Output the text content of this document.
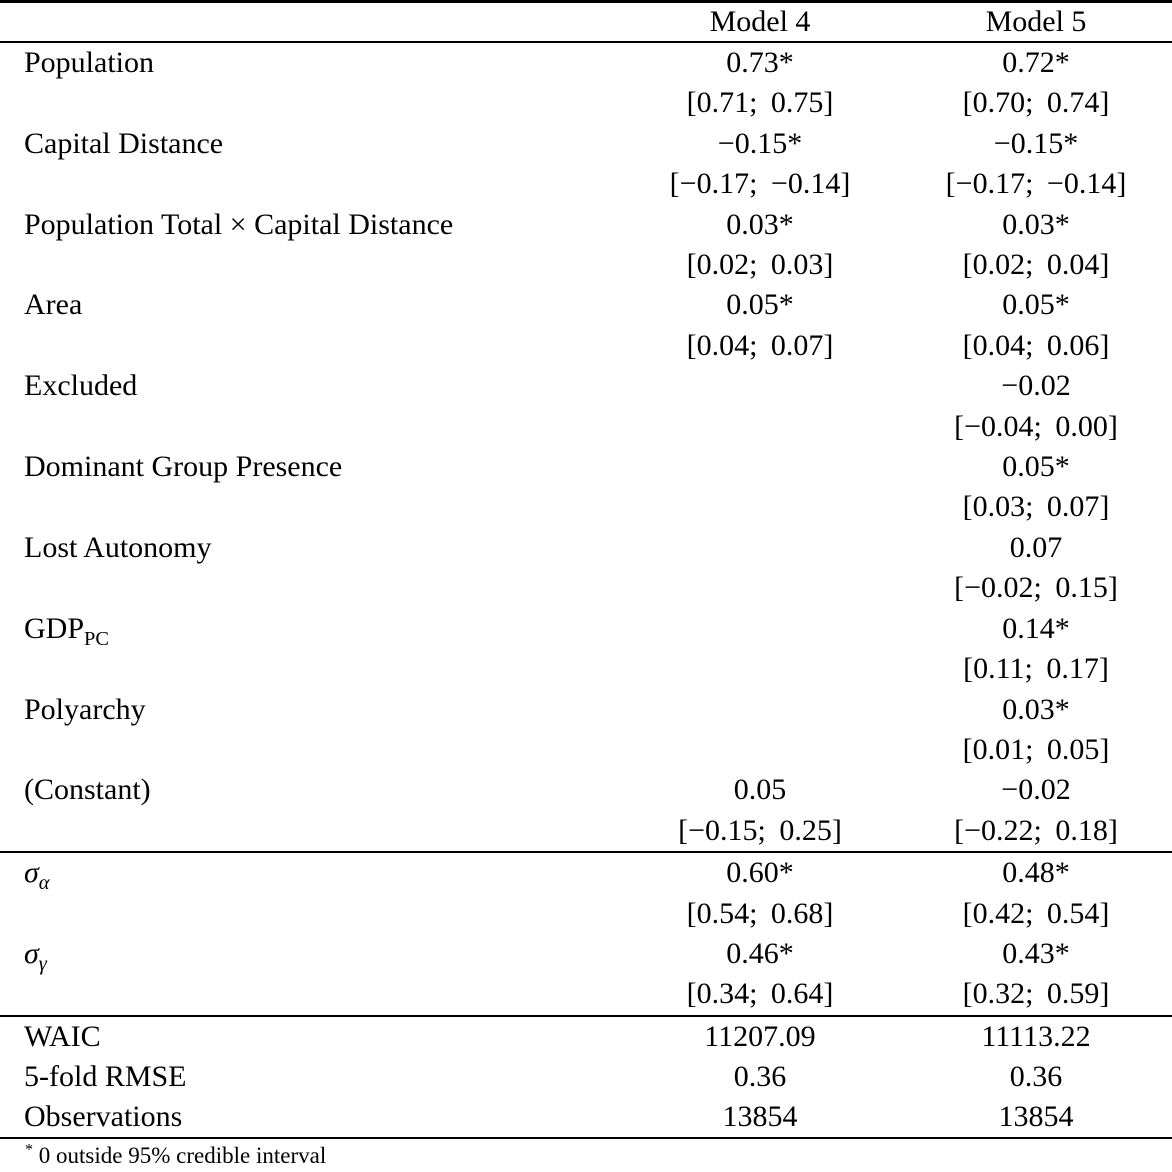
	Model 4	Model 5
Population	0.73*	0.72*
	[0.71; 0.75]	[0.70; 0.74]
Capital Distance	−0.15*	−0.15*
	[−0.17; −0.14]	[−0.17; −0.14]
Population Total × Capital Distance	0.03*	0.03*
	[0.02; 0.03]	[0.02; 0.04]
Area	0.05*	0.05*
	[0.04; 0.07]	[0.04; 0.06]
Excluded		−0.02
		[−0.04; 0.00]
Dominant Group Presence		0.05*
		[0.03; 0.07]
Lost Autonomy		0.07
		[−0.02; 0.15]
$GDP_{PC}$		0.14*
		[0.11; 0.17]
Polyarchy		0.03*
		[0.01; 0.05]
(Constant)	0.05	−0.02
	[−0.15; 0.25]	[−0.22; 0.18]
$\sigma_\alpha$	0.60*	0.48*
	[0.54; 0.68]	[0.42; 0.54]
$\sigma_\gamma$	0.46*	0.43*
	[0.34; 0.64]	[0.32; 0.59]
WAIC	11207.09	11113.22
5-fold RMSE	0.36	0.36
Observations	13854	13854
* 0 outside 95% credible interval
